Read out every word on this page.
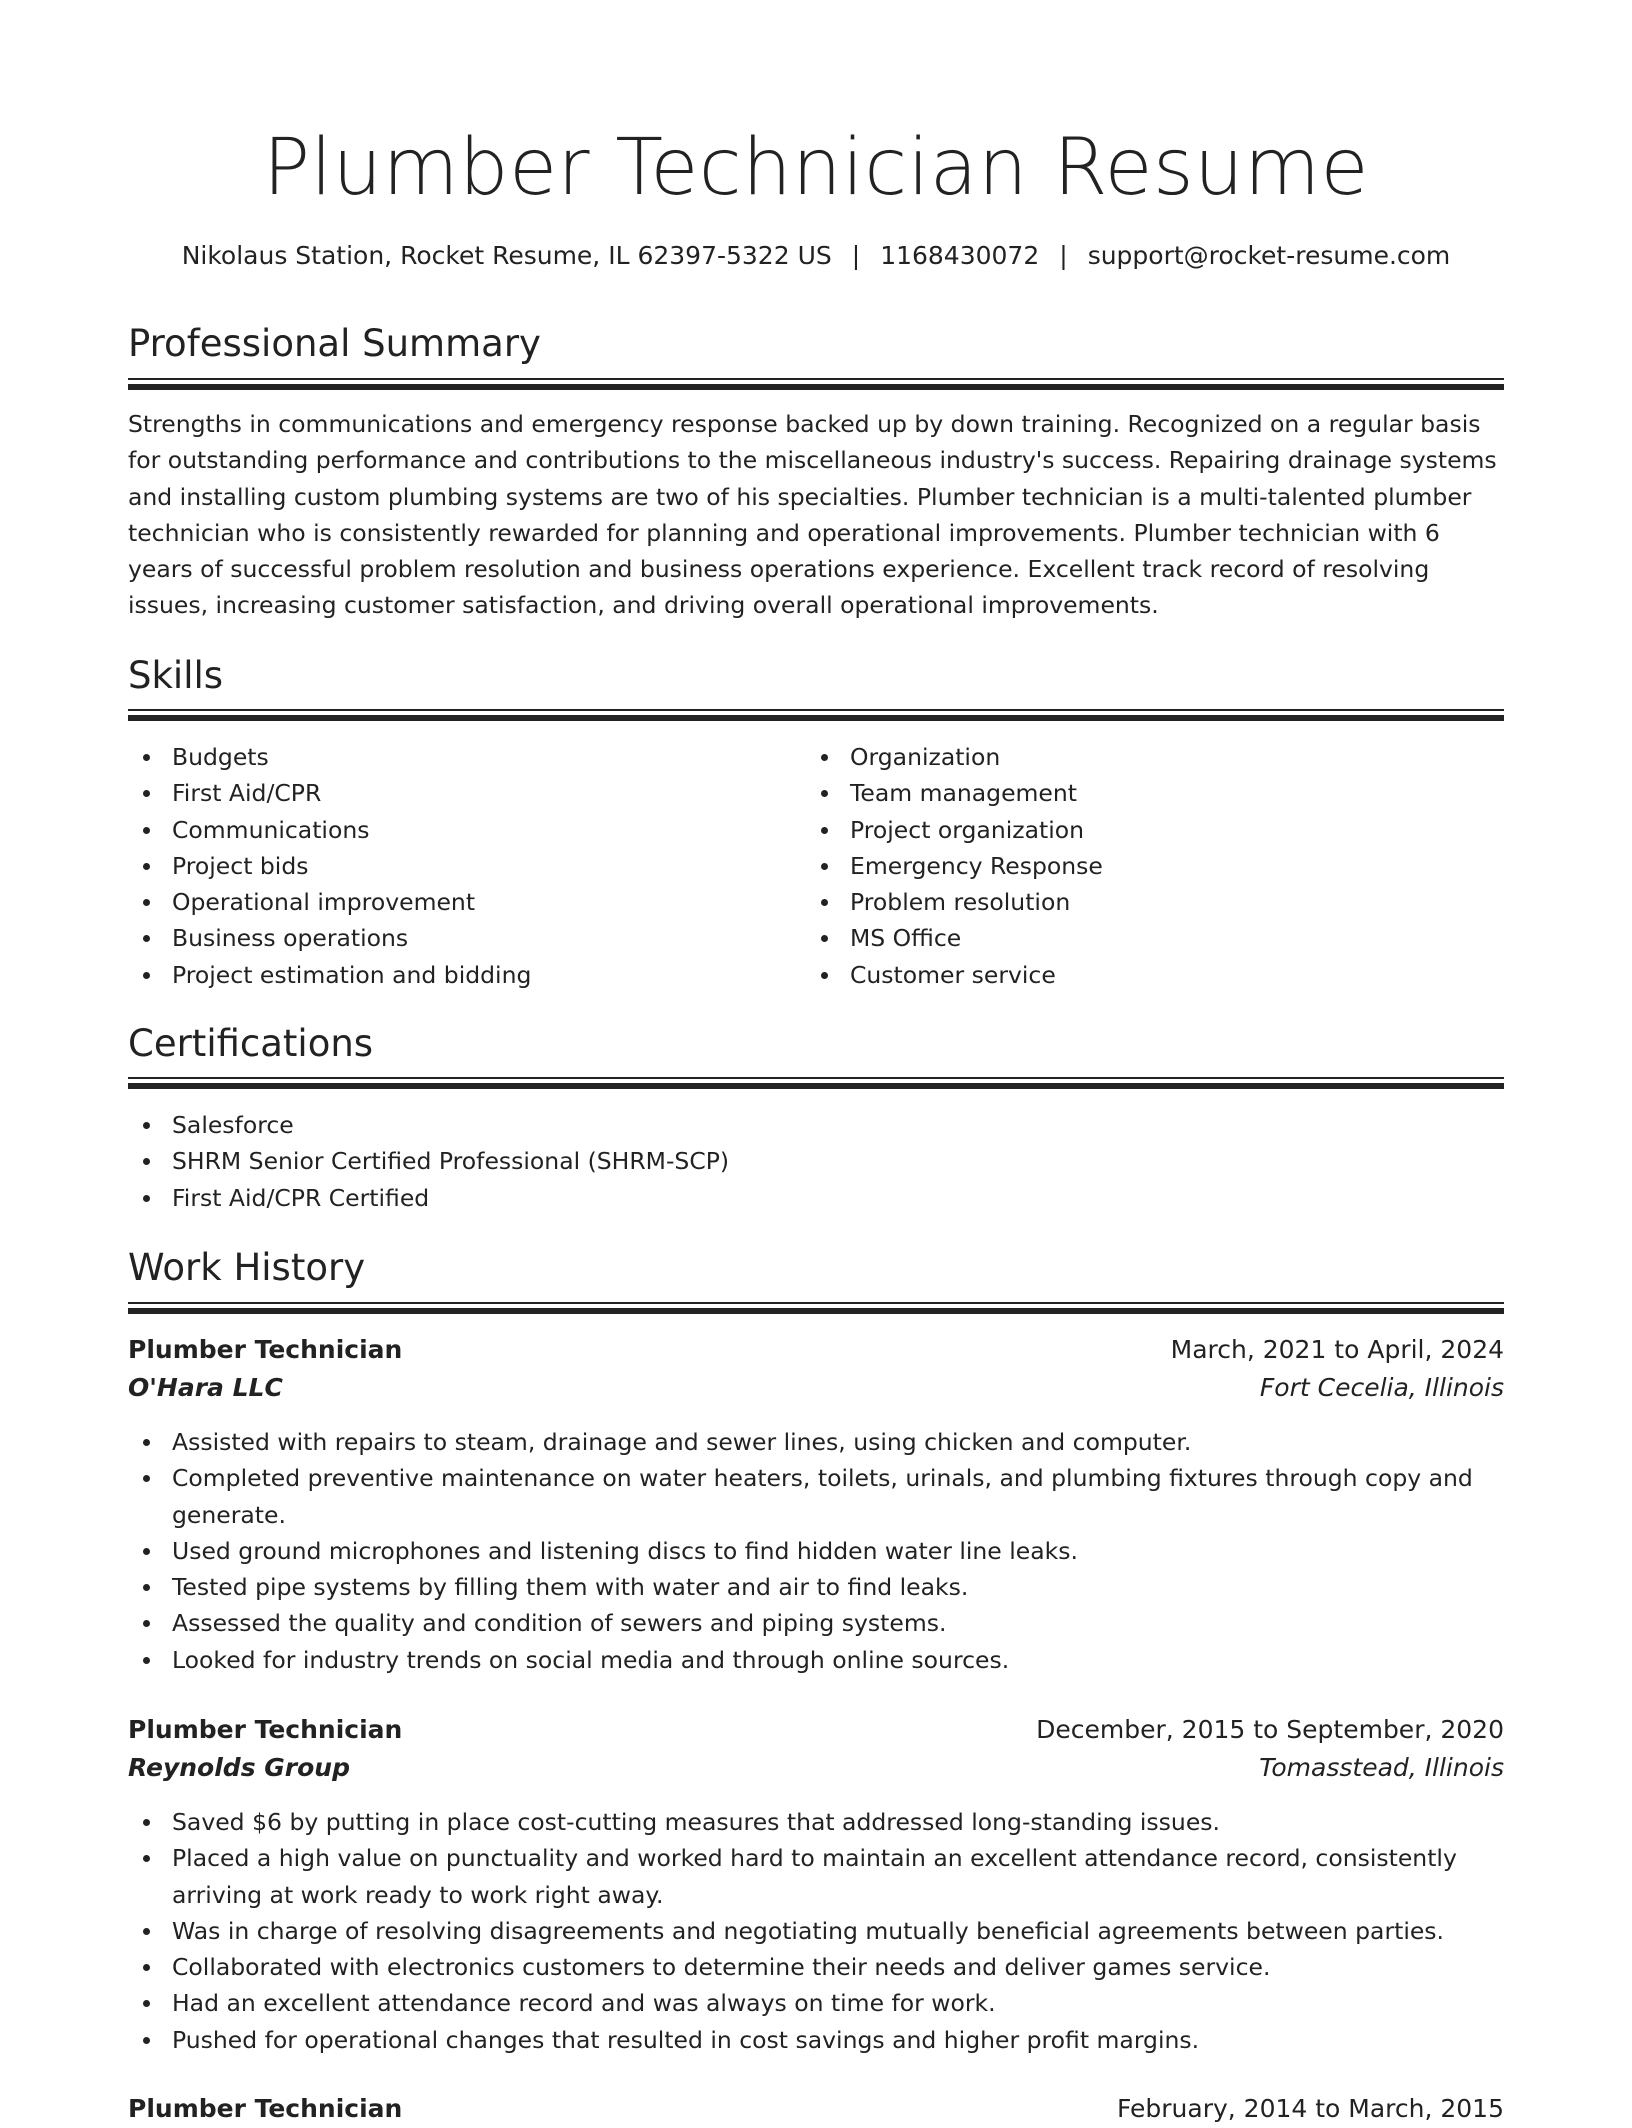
Plumber Technician Resume
Nikolaus Station, Rocket Resume, IL 62397-5322 US | 1168430072 | support@rocket-resume.com
Professional Summary
Strengths in communications and emergency response backed up by down training. Recognized on a regular basis for outstanding performance and contributions to the miscellaneous industry's success. Repairing drainage systems and installing custom plumbing systems are two of his specialties. Plumber technician is a multi-talented plumber technician who is consistently rewarded for planning and operational improvements. Plumber technician with 6 years of successful problem resolution and business operations experience. Excellent track record of resolving issues, increasing customer satisfaction, and driving overall operational improvements.
Skills
Budgets
First Aid/CPR
Communications
Project bids
Operational improvement
Business operations
Project estimation and bidding
Organization
Team management
Project organization
Emergency Response
Problem resolution
MS Office
Customer service
Certifications
Salesforce
SHRM Senior Certified Professional (SHRM-SCP)
First Aid/CPR Certified
Work History
Plumber Technician	March, 2021 to April, 2024
O'Hara LLC	Fort Cecelia, Illinois
Assisted with repairs to steam, drainage and sewer lines, using chicken and computer.
Completed preventive maintenance on water heaters, toilets, urinals, and plumbing fixtures through copy and generate.
Used ground microphones and listening discs to find hidden water line leaks.
Tested pipe systems by filling them with water and air to find leaks.
Assessed the quality and condition of sewers and piping systems.
Looked for industry trends on social media and through online sources.
Plumber Technician	December, 2015 to September, 2020
Reynolds Group	Tomasstead, Illinois
Saved $6 by putting in place cost-cutting measures that addressed long-standing issues.
Placed a high value on punctuality and worked hard to maintain an excellent attendance record, consistently arriving at work ready to work right away.
Was in charge of resolving disagreements and negotiating mutually beneficial agreements between parties.
Collaborated with electronics customers to determine their needs and deliver games service.
Had an excellent attendance record and was always on time for work.
Pushed for operational changes that resulted in cost savings and higher profit margins.
Plumber Technician	February, 2014 to March, 2015
